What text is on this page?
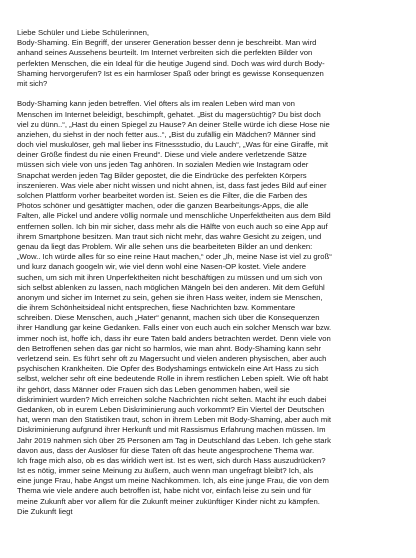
Liebe Schüler und Liebe Schülerinnen,
Body-Shaming. Ein Begriff, der unserer Generation besser denn je beschreibt. Man wird
anhand seines Aussehens beurteilt. Im Internet verbreiten sich die perfekten Bilder von
perfekten Menschen, die ein Ideal für die heutige Jugend sind. Doch was wird durch Body-
Shaming hervorgerufen? Ist es ein harmloser Spaß oder bringt es gewisse Konsequenzen
mit sich?
Body-Shaming kann jeden betreffen. Viel öfters als im realen Leben wird man von
Menschen im Internet beleidigt, beschimpft, gehatet. „Bist du magersüchtig? Du bist doch
viel zu dünn..“, „Hast du einen Spiegel zu Hause? An deiner Stelle würde ich diese Hose nie
anziehen, du siehst in der noch fetter aus..“, „Bist du zufällig ein Mädchen? Männer sind
doch viel muskulöser, geh mal lieber ins Fitnessstudio, du Lauch“, „Was für eine Giraffe, mit
deiner Größe findest du nie einen Freund“. Diese und viele andere verletzende Sätze
müssen sich viele von uns jeden Tag anhören. In sozialen Medien wie Instagram oder
Snapchat werden jeden Tag Bilder gepostet, die die Eindrücke des perfekten Körpers
inszenieren. Was viele aber nicht wissen und nicht ahnen, ist, dass fast jedes Bild auf einer
solchen Plattform vorher bearbeitet worden ist. Seien es die Filter, die die Farben des
Photos schöner und gesättigter machen, oder die ganzen Bearbeitungs-Apps, die alle
Falten, alle Pickel und andere völlig normale und menschliche Unperfektheiten aus dem Bild
entfernen sollen. Ich bin mir sicher, dass mehr als die Hälfte von euch auch so eine App auf
ihrem Smartphone besitzen. Man traut sich nicht mehr, das wahre Gesicht zu zeigen, und
genau da liegt das Problem. Wir alle sehen uns die bearbeiteten Bilder an und denken:
„Wow.. Ich würde alles für so eine reine Haut machen,“ oder „Ih, meine Nase ist viel zu groß“
und kurz danach googeln wir, wie viel denn wohl eine Nasen-OP kostet. Viele andere
suchen, um sich mit ihren Unperfektheiten nicht beschäftigen zu müssen und um sich von
sich selbst ablenken zu lassen, nach möglichen Mängeln bei den anderen. Mit dem Gefühl
anonym und sicher im Internet zu sein, gehen sie ihren Hass weiter, indem sie Menschen,
die ihrem Schönheitsideal nicht entsprechen, fiese Nachrichten bzw. Kommentare
schreiben. Diese Menschen, auch „Hater“ genannt, machen sich über die Konsequenzen
ihrer Handlung gar keine Gedanken. Falls einer von euch auch ein solcher Mensch war bzw.
immer noch ist, hoffe ich, dass ihr eure Taten bald anders betrachten werdet. Denn viele von
den Betroffenen sehen das gar nicht so harmlos, wie man ahnt. Body-Shaming kann sehr
verletzend sein. Es führt sehr oft zu Magersucht und vielen anderen physischen, aber auch
psychischen Krankheiten. Die Opfer des Bodyshamings entwickeln eine Art Hass zu sich
selbst, welcher sehr oft eine bedeutende Rolle in ihrem restlichen Leben spielt. Wie oft habt
ihr gehört, dass Männer oder Frauen sich das Leben genommen haben, weil sie
diskriminiert wurden? Mich erreichen solche Nachrichten nicht selten. Macht ihr euch dabei
Gedanken, ob in eurem Leben Diskriminierung auch vorkommt? Ein Viertel der Deutschen
hat, wenn man den Statistiken traut, schon in ihrem Leben mit Body-Shaming, aber auch mit
Diskriminierung aufgrund ihrer Herkunft und mit Rassismus Erfahrung machen müssen. Im
Jahr 2019 nahmen sich über 25 Personen am Tag in Deutschland das Leben. Ich gehe stark
davon aus, dass der Auslöser für diese Taten oft das heute angesprochene Thema war.
Ich frage mich also, ob es das wirklich wert ist. Ist es wert, sich durch Hass auszudrücken?
Ist es nötig, immer seine Meinung zu äußern, auch wenn man ungefragt bleibt? Ich, als
eine junge Frau, habe Angst um meine Nachkommen. Ich, als eine junge Frau, die von dem
Thema wie viele andere auch betroffen ist, habe nicht vor, einfach leise zu sein und für
meine Zukunft aber vor allem für die Zukunft meiner zukünftiger Kinder nicht zu kämpfen.
Die Zukunft liegt
